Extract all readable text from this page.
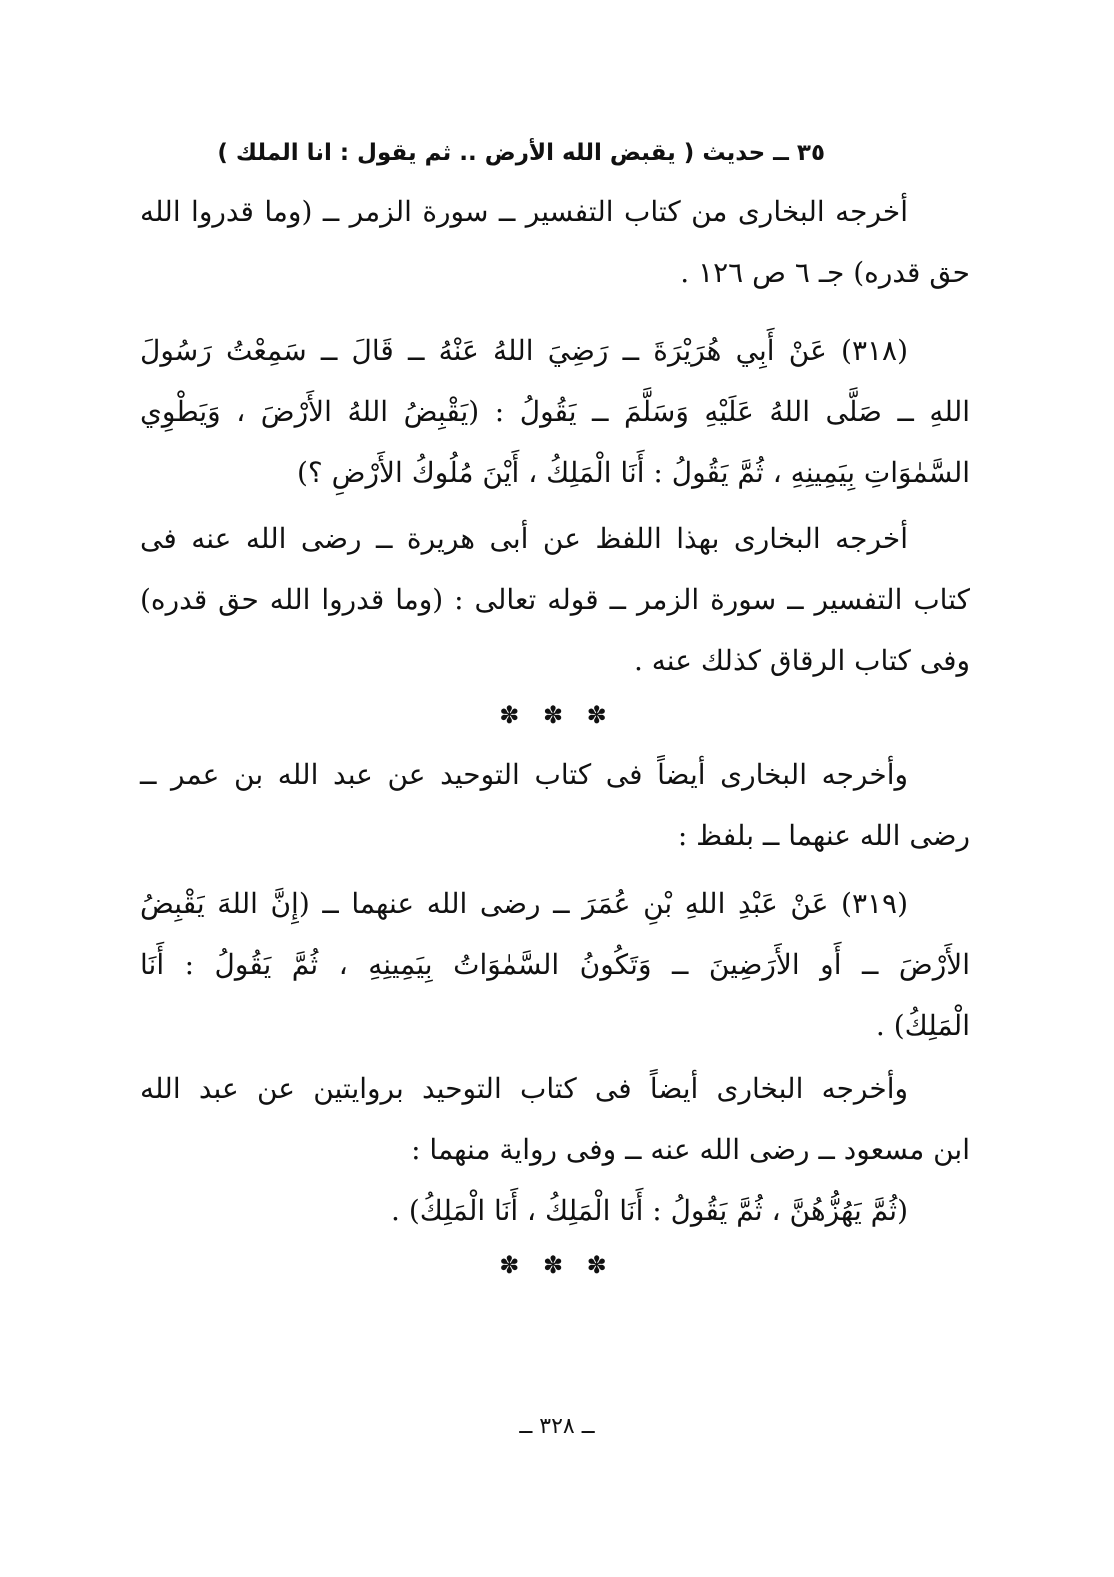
٣٥ ــ حديث ( يقبض الله الأرض .. ثم يقول : انا الملك )
أخرجه البخارى من كتاب التفسير ــ سورة الزمر ــ (وما قدروا الله
حق قدره) جـ ٦ ص ١٢٦ .
(٣١٨) عَنْ أَبِي هُرَيْرَةَ ــ رَضِيَ اللهُ عَنْهُ ــ قَالَ ــ سَمِعْتُ رَسُولَ
اللهِ ــ صَلَّى اللهُ عَلَيْهِ وَسَلَّمَ ــ يَقُولُ : (يَقْبِضُ اللهُ الأَرْضَ ، وَيَطْوِي
السَّمٰوَاتِ بِيَمِينِهِ ، ثُمَّ يَقُولُ : أَنَا الْمَلِكُ ، أَيْنَ مُلُوكُ الأَرْضِ ؟)
أخرجه البخارى بهذا اللفظ عن أبى هريرة ــ رضى الله عنه فى
كتاب التفسير ــ سورة الزمر ــ قوله تعالى : (وما قدروا الله حق قدره)
وفى كتاب الرقاق كذلك عنه .
✽ ✽ ✽
وأخرجه البخارى أيضاً فى كتاب التوحيد عن عبد الله بن عمر ــ
رضى الله عنهما ــ بلفظ :
(٣١٩) عَنْ عَبْدِ اللهِ بْنِ عُمَرَ ــ رضى الله عنهما ــ (إِنَّ اللهَ يَقْبِضُ
الأَرْضَ ــ أَو الأَرَضِينَ ــ وَتَكُونُ السَّمٰوَاتُ بِيَمِينِهِ ، ثُمَّ يَقُولُ : أَنَا
الْمَلِكُ) .
وأخرجه البخارى أيضاً فى كتاب التوحيد بروايتين عن عبد الله
ابن مسعود ــ رضى الله عنه ــ وفى رواية منهما :
(ثُمَّ يَهُزُّهُنَّ ، ثُمَّ يَقُولُ : أَنَا الْمَلِكُ ، أَنَا الْمَلِكُ) .
✽ ✽ ✽
ــ ٣٢٨ ــ
